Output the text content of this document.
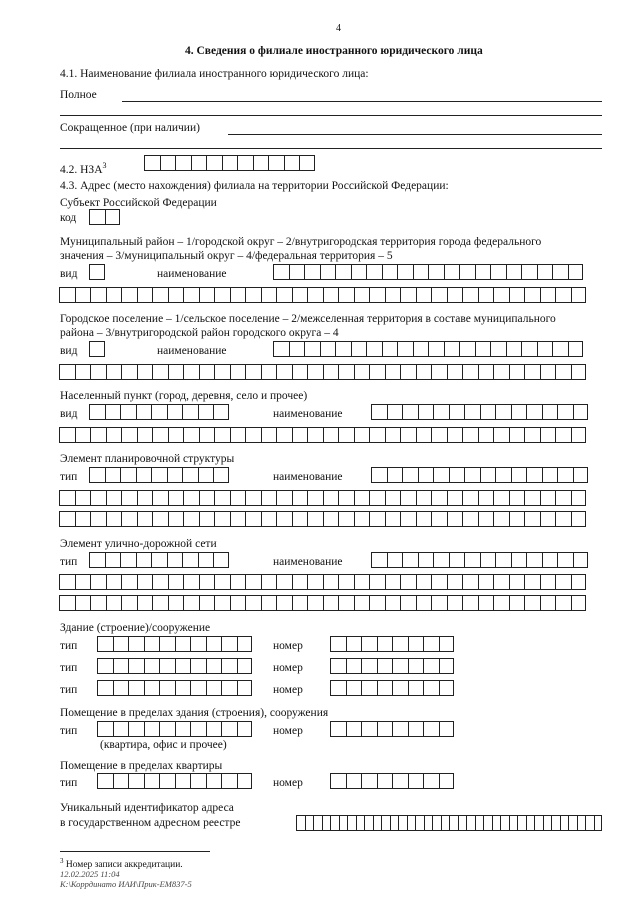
4
4. Сведения о филиале иностранного юридического лица
4.1. Наименование филиала иностранного юридического лица:
Полное
Сокращенное (при наличии)
4.2. НЗА$^3$
4.3. Адрес (место нахождения) филиала на территории Российской Федерации:
Субъект Российской Федерации
код
Муниципальный район – 1/городской округ – 2/внутригородская территория города федерального
значения – 3/муниципальный округ – 4/федеральная территория – 5
вид	наименование
Городское поселение – 1/сельское поселение – 2/межселенная территория в составе муниципального
района – 3/внутригородской район городского округа – 4
вид	наименование
Населенный пункт (город, деревня, село и прочее)
вид	наименование
Элемент планировочной структуры
тип	наименование
Элемент улично-дорожной сети
тип	наименование
Здание (строение)/сооружение
тип	номер
тип	номер
тип	номер
Помещение в пределах здания (строения), сооружения
тип	номер
(квартира, офис и прочее)
Помещение в пределах квартиры
тип	номер
Уникальный идентификатор адреса
в государственном адресном реестре
$^3$ Номер записи аккредитации.
12.02.2025 11:04
К:\Коррдинато ИАИ\Прик-ЕМ837-5
